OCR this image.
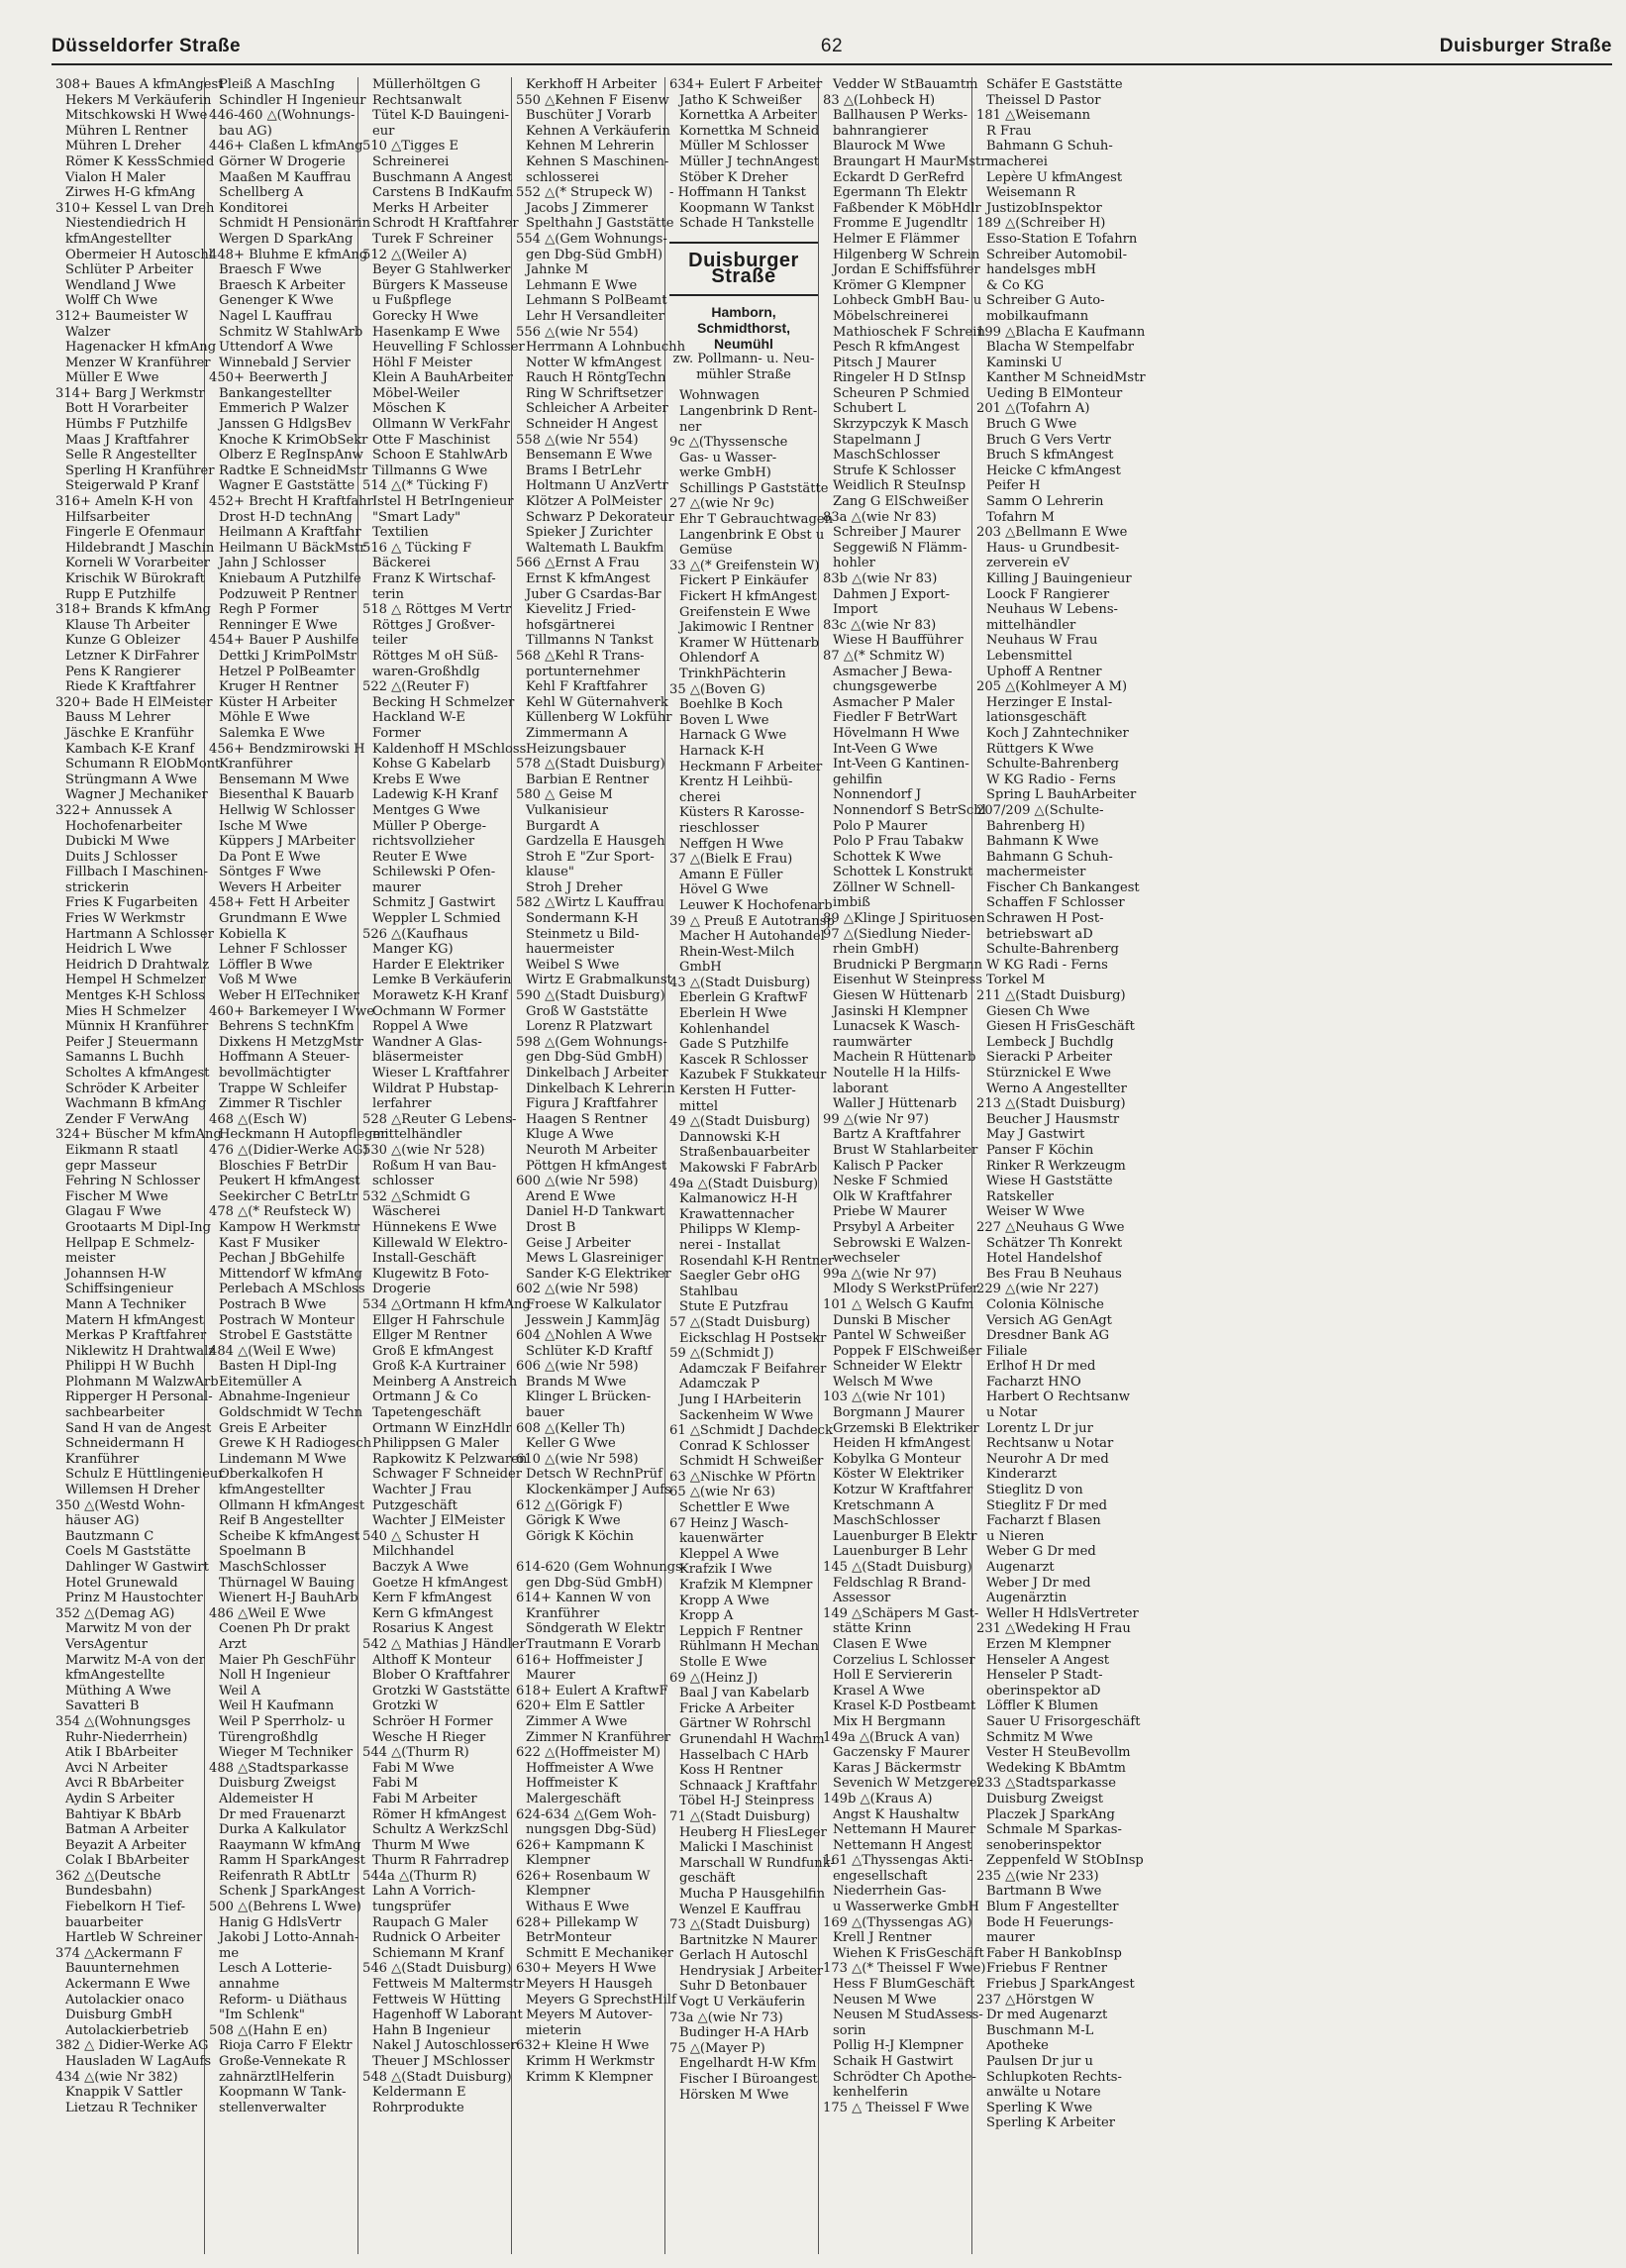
Düsseldorfer Straße	62	Duisburger Straße
308+ Baues A kfmAngest
Hekers M Verkäuferin
Mitschkowski H Wwe
Mühren L Rentner
Mühren L Dreher
Römer K KessSchmied
Vialon H Maler
Zirwes H-G kfmAng
310+ Kessel L van Dreh
Niestendiedrich H
kfmAngestellter
Obermeier H Autoschl
Schlüter P Arbeiter
Wendland J Wwe
Wolff Ch Wwe
312+ Baumeister W
Walzer
Hagenacker H kfmAng
Menzer W Kranführer
Müller E Wwe
314+ Barg J Werkmstr
Bott H Vorarbeiter
Hümbs F Putzhilfe
Maas J Kraftfahrer
Selle R Angestellter
Sperling H Kranführer
Steigerwald P Kranf
316+ Ameln K-H von
Hilfsarbeiter
Fingerle E Ofenmaur
Hildebrandt J Maschin
Korneli W Vorarbeiter
Krischik W Bürokraft
Rupp E Putzhilfe
318+ Brands K kfmAng
Klause Th Arbeiter
Kunze G Obleizer
Letzner K DirFahrer
Pens K Rangierer
Riede K Kraftfahrer
320+ Bade H ElMeister
Bauss M Lehrer
Jäschke E Kranführ
Kambach K-E Kranf
Schumann R ElObMont
Strüngmann A Wwe
Wagner J Mechaniker
322+ Annussek A
Hochofenarbeiter
Dubicki M Wwe
Duits J Schlosser
Fillbach I Maschinen-
strickerin
Fries K Fugarbeiten
Fries W Werkmstr
Hartmann A Schlosser
Heidrich L Wwe
Heidrich D Drahtwalz
Hempel H Schmelzer
Mentges K-H Schloss
Mies H Schmelzer
Münnix H Kranführer
Peifer J Steuermann
Samanns L Buchh
Scholtes A kfmAngest
Schröder K Arbeiter
Wachmann B kfmAng
Zender F VerwAng
324+ Büscher M kfmAng
Eikmann R staatl
gepr Masseur
Fehring N Schlosser
Fischer M Wwe
Glagau F Wwe
Grootaarts M Dipl-Ing
Hellpap E Schmelz-
meister
Johannsen H-W
Schiffsingenieur
Mann A Techniker
Matern H kfmAngest
Merkas P Kraftfahrer
Niklewitz H Drahtwalz
Philippi H W Buchh
Plohmann M WalzwArb
Ripperger H Personal-
sachbearbeiter
Sand H van de Angest
Schneidermann H
Kranführer
Schulz E Hüttlingenieur
Willemsen H Dreher
350 △(Westd Wohn-
häuser AG)
Bautzmann C
Coels M Gaststätte
Dahlinger W Gastwirt
Hotel Grunewald
Prinz M Haustochter
352 △(Demag AG)
Marwitz M von der
VersAgentur
Marwitz M-A von der
kfmAngestellte
Müthing A Wwe
Savatteri B
354 △(Wohnungsges
Ruhr-Niederrhein)
Atik I BbArbeiter
Avci N Arbeiter
Avci R BbArbeiter
Aydin S Arbeiter
Bahtiyar K BbArb
Batman A Arbeiter
Beyazit A Arbeiter
Colak I BbArbeiter
362 △(Deutsche
Bundesbahn)
Fiebelkorn H Tief-
bauarbeiter
Hartleb W Schreiner
374 △Ackermann F
Bauunternehmen
Ackermann E Wwe
Autolackier onaco
Duisburg GmbH
Autolackierbetrieb
382 △ Didier-Werke AG
Hausladen W LagAufs
434 △(wie Nr 382)
Knappik V Sattler
Lietzau R Techniker
Pleiß A MaschIng
Schindler H Ingenieur
446-460 △(Wohnungs-
bau AG)
446+ Claßen L kfmAng
Görner W Drogerie
Maaßen M Kauffrau
Schellberg A
Konditorei
Schmidt H Pensionärin
Wergen D SparkAng
448+ Bluhme E kfmAng
Braesch F Wwe
Braesch K Arbeiter
Genenger K Wwe
Nagel L Kauffrau
Schmitz W StahlwArb
Uttendorf A Wwe
Winnebald J Servier
450+ Beerwerth J
Bankangestellter
Emmerich P Walzer
Janssen G HdlgsBev
Knoche K KrimObSekr
Olberz E RegInspAnw
Radtke E SchneidMstr
Wagner E Gaststätte
452+ Brecht H Kraftfahr
Drost H-D technAng
Heilmann A Kraftfahr
Heilmann U BäckMstr
Jahn J Schlosser
Kniebaum A Putzhilfe
Podzuweit P Rentner
Regh P Former
Renninger E Wwe
454+ Bauer P Aushilfe
Dettki J KrimPolMstr
Hetzel P PolBeamter
Kruger H Rentner
Küster H Arbeiter
Möhle E Wwe
Salemka E Wwe
456+ Bendzmirowski H
Kranführer
Bensemann M Wwe
Biesenthal K Bauarb
Hellwig W Schlosser
Ische M Wwe
Küppers J MArbeiter
Da Pont E Wwe
Söntges F Wwe
Wevers H Arbeiter
458+ Fett H Arbeiter
Grundmann E Wwe
Kobiella K
Lehner F Schlosser
Löffler B Wwe
Voß M Wwe
Weber H ElTechniker
460+ Barkemeyer I Wwe
Behrens S technKfm
Dixkens H MetzgMstr
Hoffmann A Steuer-
bevollmächtigter
Trappe W Schleifer
Zimmer R Tischler
468 △(Esch W)
Heckmann H Autopfleger
476 △(Didier-Werke AG)
Bloschies F BetrDir
Peukert H kfmAngest
Seekircher C BetrLtr
478 △(* Reufsteck W)
Kampow H Werkmstr
Kast F Musiker
Pechan J BbGehilfe
Mittendorf W kfmAng
Perlebach A MSchloss
Postrach B Wwe
Postrach W Monteur
Strobel E Gaststätte
484 △(Weil E Wwe)
Basten H Dipl-Ing
Eitemüller A
Abnahme-Ingenieur
Goldschmidt W Techn
Greis E Arbeiter
Grewe K H Radiogesch
Lindemann M Wwe
Oberkalkofen H
kfmAngestellter
Ollmann H kfmAngest
Reif B Angestellter
Scheibe K kfmAngest
Spoelmann B
MaschSchlosser
Thürnagel W Bauing
Wienert H-J BauhArb
486 △Weil E Wwe
Coenen Ph Dr prakt
Arzt
Maier Ph GeschFühr
Noll H Ingenieur
Weil A
Weil H Kaufmann
Weil P Sperrholz- u
Türengroßhdlg
Wieger M Techniker
488 △Stadtsparkasse
Duisburg Zweigst
Aldemeister H
Dr med Frauenarzt
Durka A Kalkulator
Raaymann W kfmAng
Ramm H SparkAngest
Reifenrath R AbtLtr
Schenk J SparkAngest
500 △(Behrens L Wwe)
Hanig G HdlsVertr
Jakobi J Lotto-Annah-
me
Lesch A Lotterie-
annahme
Reform- u Diäthaus
"Im Schlenk"
508 △(Hahn E en)
Rioja Carro F Elektr
Große-Vennekate R
zahnärztlHelferin
Koopmann W Tank-
stellenverwalter
Müllerhöltgen G
Rechtsanwalt
Tütel K-D Bauingeni-
eur
510 △Tigges E
Schreinerei
Buschmann A Angest
Carstens B IndKaufm
Merks H Arbeiter
Schrodt H Kraftfahrer
Turek F Schreiner
512 △(Weiler A)
Beyer G Stahlwerker
Bürgers K Masseuse
u Fußpflege
Gorecky H Wwe
Hasenkamp E Wwe
Heuvelling F Schlosser
Höhl F Meister
Klein A BauhArbeiter
Möbel-Weiler
Möschen K
Ollmann W VerkFahr
Otte F Maschinist
Schoon E StahlwArb
Tillmanns G Wwe
514 △(* Tücking F)
Istel H BetrIngenieur
"Smart Lady"
Textilien
516 △ Tücking F
Bäckerei
Franz K Wirtschaf-
terin
518 △ Röttges M Vertr
Röttges J Großver-
teiler
Röttges M oH Süß-
waren-Großhdlg
522 △(Reuter F)
Becking H Schmelzer
Hackland W-E
Former
Kaldenhoff H MSchloss
Kohse G Kabelarb
Krebs E Wwe
Ladewig K-H Kranf
Mentges G Wwe
Müller P Oberge-
richtsvollzieher
Reuter E Wwe
Schilewski P Ofen-
maurer
Schmitz J Gastwirt
Weppler L Schmied
526 △(Kaufhaus
Manger KG)
Harder E Elektriker
Lemke B Verkäuferin
Morawetz K-H Kranf
Ochmann W Former
Roppel A Wwe
Wandner A Glas-
bläsermeister
Wieser L Kraftfahrer
Wildrat P Hubstap-
lerfahrer
528 △Reuter G Lebens-
mittelhändler
530 △(wie Nr 528)
Roßum H van Bau-
schlosser
532 △Schmidt G
Wäscherei
Hünnekens E Wwe
Killewald W Elektro-
Install-Geschäft
Klugewitz B Foto-
Drogerie
534 △Ortmann H kfmAng
Ellger H Fahrschule
Ellger M Rentner
Groß E kfmAngest
Groß K-A Kurtrainer
Meinberg A Anstreich
Ortmann J & Co
Tapetengeschäft
Ortmann W EinzHdlr
Philippsen G Maler
Rapkowitz K Pelzwaren
Schwager F Schneider
Wachter J Frau
Putzgeschäft
Wachter J ElMeister
540 △ Schuster H
Milchhandel
Baczyk A Wwe
Goetze H kfmAngest
Kern F kfmAngest
Kern G kfmAngest
Rosarius K Angest
542 △ Mathias J Händler
Althoff K Monteur
Blober O Kraftfahrer
Grotzki W Gaststätte
Grotzki W
Schröer H Former
Wesche H Rieger
544 △(Thurm R)
Fabi M Wwe
Fabi M
Fabi M Arbeiter
Römer H kfmAngest
Schultz A WerkzSchl
Thurm M Wwe
Thurm R Fahrradrep
544a △(Thurm R)
Lahn A Vorrich-
tungsprüfer
Raupach G Maler
Rudnick O Arbeiter
Schiemann M Kranf
546 △(Stadt Duisburg)
Fettweis M Maltermstr
Fettweis W Hütting
Hagenhoff W Laborant
Hahn B Ingenieur
Nakel J Autoschlosser
Theuer J MSchlosser
548 △(Stadt Duisburg)
Keldermann E
Rohrprodukte
Kerkhoff H Arbeiter
550 △Kehnen F Eisenw
Buschüter J Vorarb
Kehnen A Verkäuferin
Kehnen M Lehrerin
Kehnen S Maschinen-
schlosserei
552 △(* Strupeck W)
Jacobs J Zimmerer
Spelthahn J Gaststätte
554 △(Gem Wohnungs-
gen Dbg-Süd GmbH)
Jahnke M
Lehmann E Wwe
Lehmann S PolBeamt
Lehr H Versandleiter
556 △(wie Nr 554)
Herrmann A Lohnbuchh
Notter W kfmAngest
Rauch H RöntgTechn
Ring W Schriftsetzer
Schleicher A Arbeiter
Schneider H Angest
558 △(wie Nr 554)
Bensemann E Wwe
Brams I BetrLehr
Holtmann U AnzVertr
Klötzer A PolMeister
Schwarz P Dekorateur
Spieker J Zurichter
Waltemath L Baukfm
566 △Ernst A Frau
Ernst K kfmAngest
Juber G Csardas-Bar
Kievelitz J Fried-
hofsgärtnerei
Tillmanns N Tankst
568 △Kehl R Trans-
portunternehmer
Kehl F Kraftfahrer
Kehl W Güternahverk
Küllenberg W Lokführ
Zimmermann A
Heizungsbauer
578 △(Stadt Duisburg)
Barbian E Rentner
580 △ Geise M
Vulkanisieur
Burgardt A
Gardzella E Hausgeh
Stroh E "Zur Sport-
klause"
Stroh J Dreher
582 △Wirtz L Kauffrau
Sondermann K-H
Steinmetz u Bild-
hauermeister
Weibel S Wwe
Wirtz E Grabmalkunst
590 △(Stadt Duisburg)
Groß W Gaststätte
Lorenz R Platzwart
598 △(Gem Wohnungs-
gen Dbg-Süd GmbH)
Dinkelbach J Arbeiter
Dinkelbach K Lehrerin
Figura J Kraftfahrer
Haagen S Rentner
Kluge A Wwe
Neuroth M Arbeiter
Pöttgen H kfmAngest
600 △(wie Nr 598)
Arend E Wwe
Daniel H-D Tankwart
Drost B
Geise J Arbeiter
Mews L Glasreiniger
Sander K-G Elektriker
602 △(wie Nr 598)
Froese W Kalkulator
Jesswein J KammJäg
604 △Nohlen A Wwe
Schlüter K-D Kraftf
606 △(wie Nr 598)
Brands M Wwe
Klinger L Brücken-
bauer
608 △(Keller Th)
Keller G Wwe
610 △(wie Nr 598)
Detsch W RechnPrüf
Klockenkämper J Aufs
612 △(Görigk F)
Görigk K Wwe
Görigk K Köchin

614-620 (Gem Wohnungs-
gen Dbg-Süd GmbH)
614+ Kannen W von
Kranführer
Söndgerath W Elektr
Trautmann E Vorarb
616+ Hoffmeister J
Maurer
618+ Eulert A KraftwF
620+ Elm E Sattler
Zimmer A Wwe
Zimmer N Kranführer
622 △(Hoffmeister M)
Hoffmeister A Wwe
Hoffmeister K
Malergeschäft
624-634 △(Gem Woh-
nungsgen Dbg-Süd)
626+ Kampmann K
Klempner
626+ Rosenbaum W
Klempner
Withaus E Wwe
628+ Pillekamp W
BetrMonteur
Schmitt E Mechaniker
630+ Meyers H Wwe
Meyers H Hausgeh
Meyers G SprechstHilf
Meyers M Autover-
mieterin
632+ Kleine H Wwe
Krimm H Werkmstr
Krimm K Klempner
634+ Eulert F Arbeiter
Jatho K Schweißer
Kornettka A Arbeiter
Kornettka M Schneid
Müller M Schlosser
Müller J technAngest
Stöber K Dreher
- Hoffmann H Tankst
Koopmann W Tankst
Schade H Tankstelle
Duisburger Straße
Hamborn, Schmidthorst, Neumühl
zw. Pollmann- u. Neu-mühler Straße
Wohnwagen
Langenbrink D Rent-
ner
9c △(Thyssensche
Gas- u Wasser-
werke GmbH)
Schillings P Gaststätte
27 △(wie Nr 9c)
Ehr T Gebrauchtwagen
Langenbrink E Obst u
Gemüse
33 △(* Greifenstein W)
Fickert P Einkäufer
Fickert H kfmAngest
Greifenstein E Wwe
Jakimowic I Rentner
Kramer W Hüttenarb
Ohlendorf A
TrinkhPächterin
35 △(Boven G)
Boehlke B Koch
Boven L Wwe
Harnack G Wwe
Harnack K-H
Heckmann F Arbeiter
Krentz H Leihbü-
cherei
Küsters R Karosse-
rieschlosser
Neffgen H Wwe
37 △(Bielk E Frau)
Amann E Füller
Hövel G Wwe
Leuwer K Hochofenarb
39 △ Preuß E Autotransp
Macher H Autohandel
Rhein-West-Milch
GmbH
43 △(Stadt Duisburg)
Eberlein G KraftwF
Eberlein H Wwe
Kohlenhandel
Gade S Putzhilfe
Kascek R Schlosser
Kazubek F Stukkateur
Kersten H Futter-
mittel
49 △(Stadt Duisburg)
Dannowski K-H
Straßenbauarbeiter
Makowski F FabrArb
49a △(Stadt Duisburg)
Kalmanowicz H-H
Krawattennacher
Philipps W Klemp-
nerei - Installat
Rosendahl K-H Rentner
Saegler Gebr oHG
Stahlbau
Stute E Putzfrau
57 △(Stadt Duisburg)
Eickschlag H Postsekr
59 △(Schmidt J)
Adamczak F Beifahrer
Adamczak P
Jung I HArbeiterin
Sackenheim W Wwe
61 △Schmidt J Dachdeck
Conrad K Schlosser
Schmidt H Schweißer
63 △Nischke W Pförtn
65 △(wie Nr 63)
Schettler E Wwe
67 Heinz J Wasch-
kauenwärter
Kleppel A Wwe
Krafzik I Wwe
Krafzik M Klempner
Kropp A Wwe
Kropp A
Leppich F Rentner
Rühlmann H Mechan
Stolle E Wwe
69 △(Heinz J)
Baal J van Kabelarb
Fricke A Arbeiter
Gärtner W Rohrschl
Grunendahl H Wachm
Hasselbach C HArb
Koss H Rentner
Schnaack J Kraftfahr
Töbel H-J Steinpress
71 △(Stadt Duisburg)
Heuberg H FliesLeger
Malicki I Maschinist
Marschall W Rundfunk-
geschäft
Mucha P Hausgehilfin
Wenzel E Kauffrau
73 △(Stadt Duisburg)
Bartnitzke N Maurer
Gerlach H Autoschl
Hendrysiak J Arbeiter
Suhr D Betonbauer
Vogt U Verkäuferin
73a △(wie Nr 73)
Budinger H-A HArb
75 △(Mayer P)
Engelhardt H-W Kfm
Fischer I Büroangest
Hörsken M Wwe
Vedder W StBauamtm
83 △(Lohbeck H)
Ballhausen P Werks-
bahnrangierer
Blaurock M Wwe
Braungart H MaurMstr
Eckardt D GerRefrd
Egermann Th Elektr
Faßbender K MöbHdlr
Fromme E Jugendltr
Helmer E Flämmer
Hilgenberg W Schrein
Jordan E Schiffsführer
Krömer G Klempner
Lohbeck GmbH Bau- u
Möbelschreinerei
Mathioschek F Schrein
Pesch R kfmAngest
Pitsch J Maurer
Ringeler H D StInsp
Scheuren P Schmied
Schubert L
Skrzypczyk K Masch
Stapelmann J
MaschSchlosser
Strufe K Schlosser
Weidlich R SteuInsp
Zang G ElSchweißer
83a △(wie Nr 83)
Schreiber J Maurer
Seggewiß N Flämm-
hohler
83b △(wie Nr 83)
Dahmen J Export-
Import
83c △(wie Nr 83)
Wiese H Baufführer
87 △(* Schmitz W)
Asmacher J Bewa-
chungsgewerbe
Asmacher P Maler
Fiedler F BetrWart
Hövelmann H Wwe
Int-Veen G Wwe
Int-Veen G Kantinen-
gehilfin
Nonnendorf J
Nonnendorf S BetrSchl
Polo P Maurer
Polo P Frau Tabakw
Schottek K Wwe
Schottek L Konstrukt
Zöllner W Schnell-
imbiß
89 △Klinge J Spirituosen
97 △(Siedlung Nieder-
rhein GmbH)
Brudnicki P Bergmann
Eisenhut W Steinpress
Giesen W Hüttenarb
Jasinski H Klempner
Lunacsek K Wasch-
raumwärter
Machein R Hüttenarb
Noutelle H la Hilfs-
laborant
Waller J Hüttenarb
99 △(wie Nr 97)
Bartz A Kraftfahrer
Brust W Stahlarbeiter
Kalisch P Packer
Neske F Schmied
Olk W Kraftfahrer
Priebe W Maurer
Prsybyl A Arbeiter
Sebrowski E Walzen-
wechseler
99a △(wie Nr 97)
Mlody S WerkstPrüfer
101 △ Welsch G Kaufm
Dunski B Mischer
Pantel W Schweißer
Poppek F ElSchweißer
Schneider W Elektr
Welsch M Wwe
103 △(wie Nr 101)
Borgmann J Maurer
Grzemski B Elektriker
Heiden H kfmAngest
Kobylka G Monteur
Köster W Elektriker
Kotzur W Kraftfahrer
Kretschmann A
MaschSchlosser
Lauenburger B Elektr
Lauenburger B Lehr
145 △(Stadt Duisburg)
Feldschlag R Brand-
Assessor
149 △Schäpers M Gast-
stätte Krinn
Clasen E Wwe
Corzelius L Schlosser
Holl E Serviererin
Krasel A Wwe
Krasel K-D Postbeamt
Mix H Bergmann
149a △(Bruck A van)
Gaczensky F Maurer
Karas J Bäckermstr
Sevenich W Metzgerei
149b △(Kraus A)
Angst K Haushaltw
Nettemann H Maurer
Nettemann H Angest
161 △Thyssengas Akti-
engesellschaft
Niederrhein Gas-
u Wasserwerke GmbH
169 △(Thyssengas AG)
Krell J Rentner
Wiehen K FrisGeschäft
173 △(* Theissel F Wwe)
Hess F BlumGeschäft
Neusen M Wwe
Neusen M StudAssess-
sorin
Pollig H-J Klempner
Schaik H Gastwirt
Schrödter Ch Apothe-
kenhelferin
175 △ Theissel F Wwe
Schäfer E Gaststätte
Theissel D Pastor
181 △Weisemann
R Frau
Bahmann G Schuh-
macherei
Lepère U kfmAngest
Weisemann R
JustizobInspektor
189 △(Schreiber H)
Esso-Station E Tofahrn
Schreiber Automobil-
handelsges mbH
& Co KG
Schreiber G Auto-
mobilkaufmann
199 △Blacha E Kaufmann
Blacha W Stempelfabr
Kaminski U
Kanther M SchneidMstr
Ueding B ElMonteur
201 △(Tofahrn A)
Bruch G Wwe
Bruch G Vers Vertr
Bruch S kfmAngest
Heicke C kfmAngest
Peifer H
Samm O Lehrerin
Tofahrn M
203 △Bellmann E Wwe
Haus- u Grundbesit-
zerverein eV
Killing J Bauingenieur
Loock F Rangierer
Neuhaus W Lebens-
mittelhändler
Neuhaus W Frau
Lebensmittel
Uphoff A Rentner
205 △(Kohlmeyer A M)
Herzinger E Instal-
lationsgeschäft
Koch J Zahntechniker
Rüttgers K Wwe
Schulte-Bahrenberg
W KG Radio - Ferns
Spring L BauhArbeiter
207/209 △(Schulte-
Bahrenberg H)
Bahmann K Wwe
Bahmann G Schuh-
machermeister
Fischer Ch Bankangest
Schaffen F Schlosser
Schrawen H Post-
betriebswart aD
Schulte-Bahrenberg
W KG Radi - Ferns
Torkel M
211 △(Stadt Duisburg)
Giesen Ch Wwe
Giesen H FrisGeschäft
Lembeck J Buchdlg
Sieracki P Arbeiter
Stürznickel E Wwe
Werno A Angestellter
213 △(Stadt Duisburg)
Beucher J Hausmstr
May J Gastwirt
Panser F Köchin
Rinker R Werkzeugm
Wiese H Gaststätte
Ratskeller
Weiser W Wwe
227 △Neuhaus G Wwe
Schätzer Th Konrekt
Hotel Handelshof
Bes Frau B Neuhaus
229 △(wie Nr 227)
Colonia Kölnische
Versich AG GenAgt
Dresdner Bank AG
Filiale
Erlhof H Dr med
Facharzt HNO
Harbert O Rechtsanw
u Notar
Lorentz L Dr jur
Rechtsanw u Notar
Neurohr A Dr med
Kinderarzt
Stieglitz D von
Stieglitz F Dr med
Facharzt f Blasen
u Nieren
Weber G Dr med
Augenarzt
Weber J Dr med
Augenärztin
Weller H HdlsVertreter
231 △Wedeking H Frau
Erzen M Klempner
Henseler A Angest
Henseler P Stadt-
oberinspektor aD
Löffler K Blumen
Sauer U Frisorgeschäft
Schmitz M Wwe
Vester H SteuBevollm
Wedeking K BbAmtm
233 △Stadtsparkasse
Duisburg Zweigst
Placzek J SparkAng
Schmale M Sparkas-
senoberinspektor
Zeppenfeld W StObInsp
235 △(wie Nr 233)
Bartmann B Wwe
Blum F Angestellter
Bode H Feuerungs-
maurer
Faber H BankobInsp
Friebus F Rentner
Friebus J SparkAngest
237 △Hörstgen W
Dr med Augenarzt
Buschmann M-L
Apotheke
Paulsen Dr jur u
Schlupkoten Rechts-
anwälte u Notare
Sperling K Wwe
Sperling K Arbeiter
